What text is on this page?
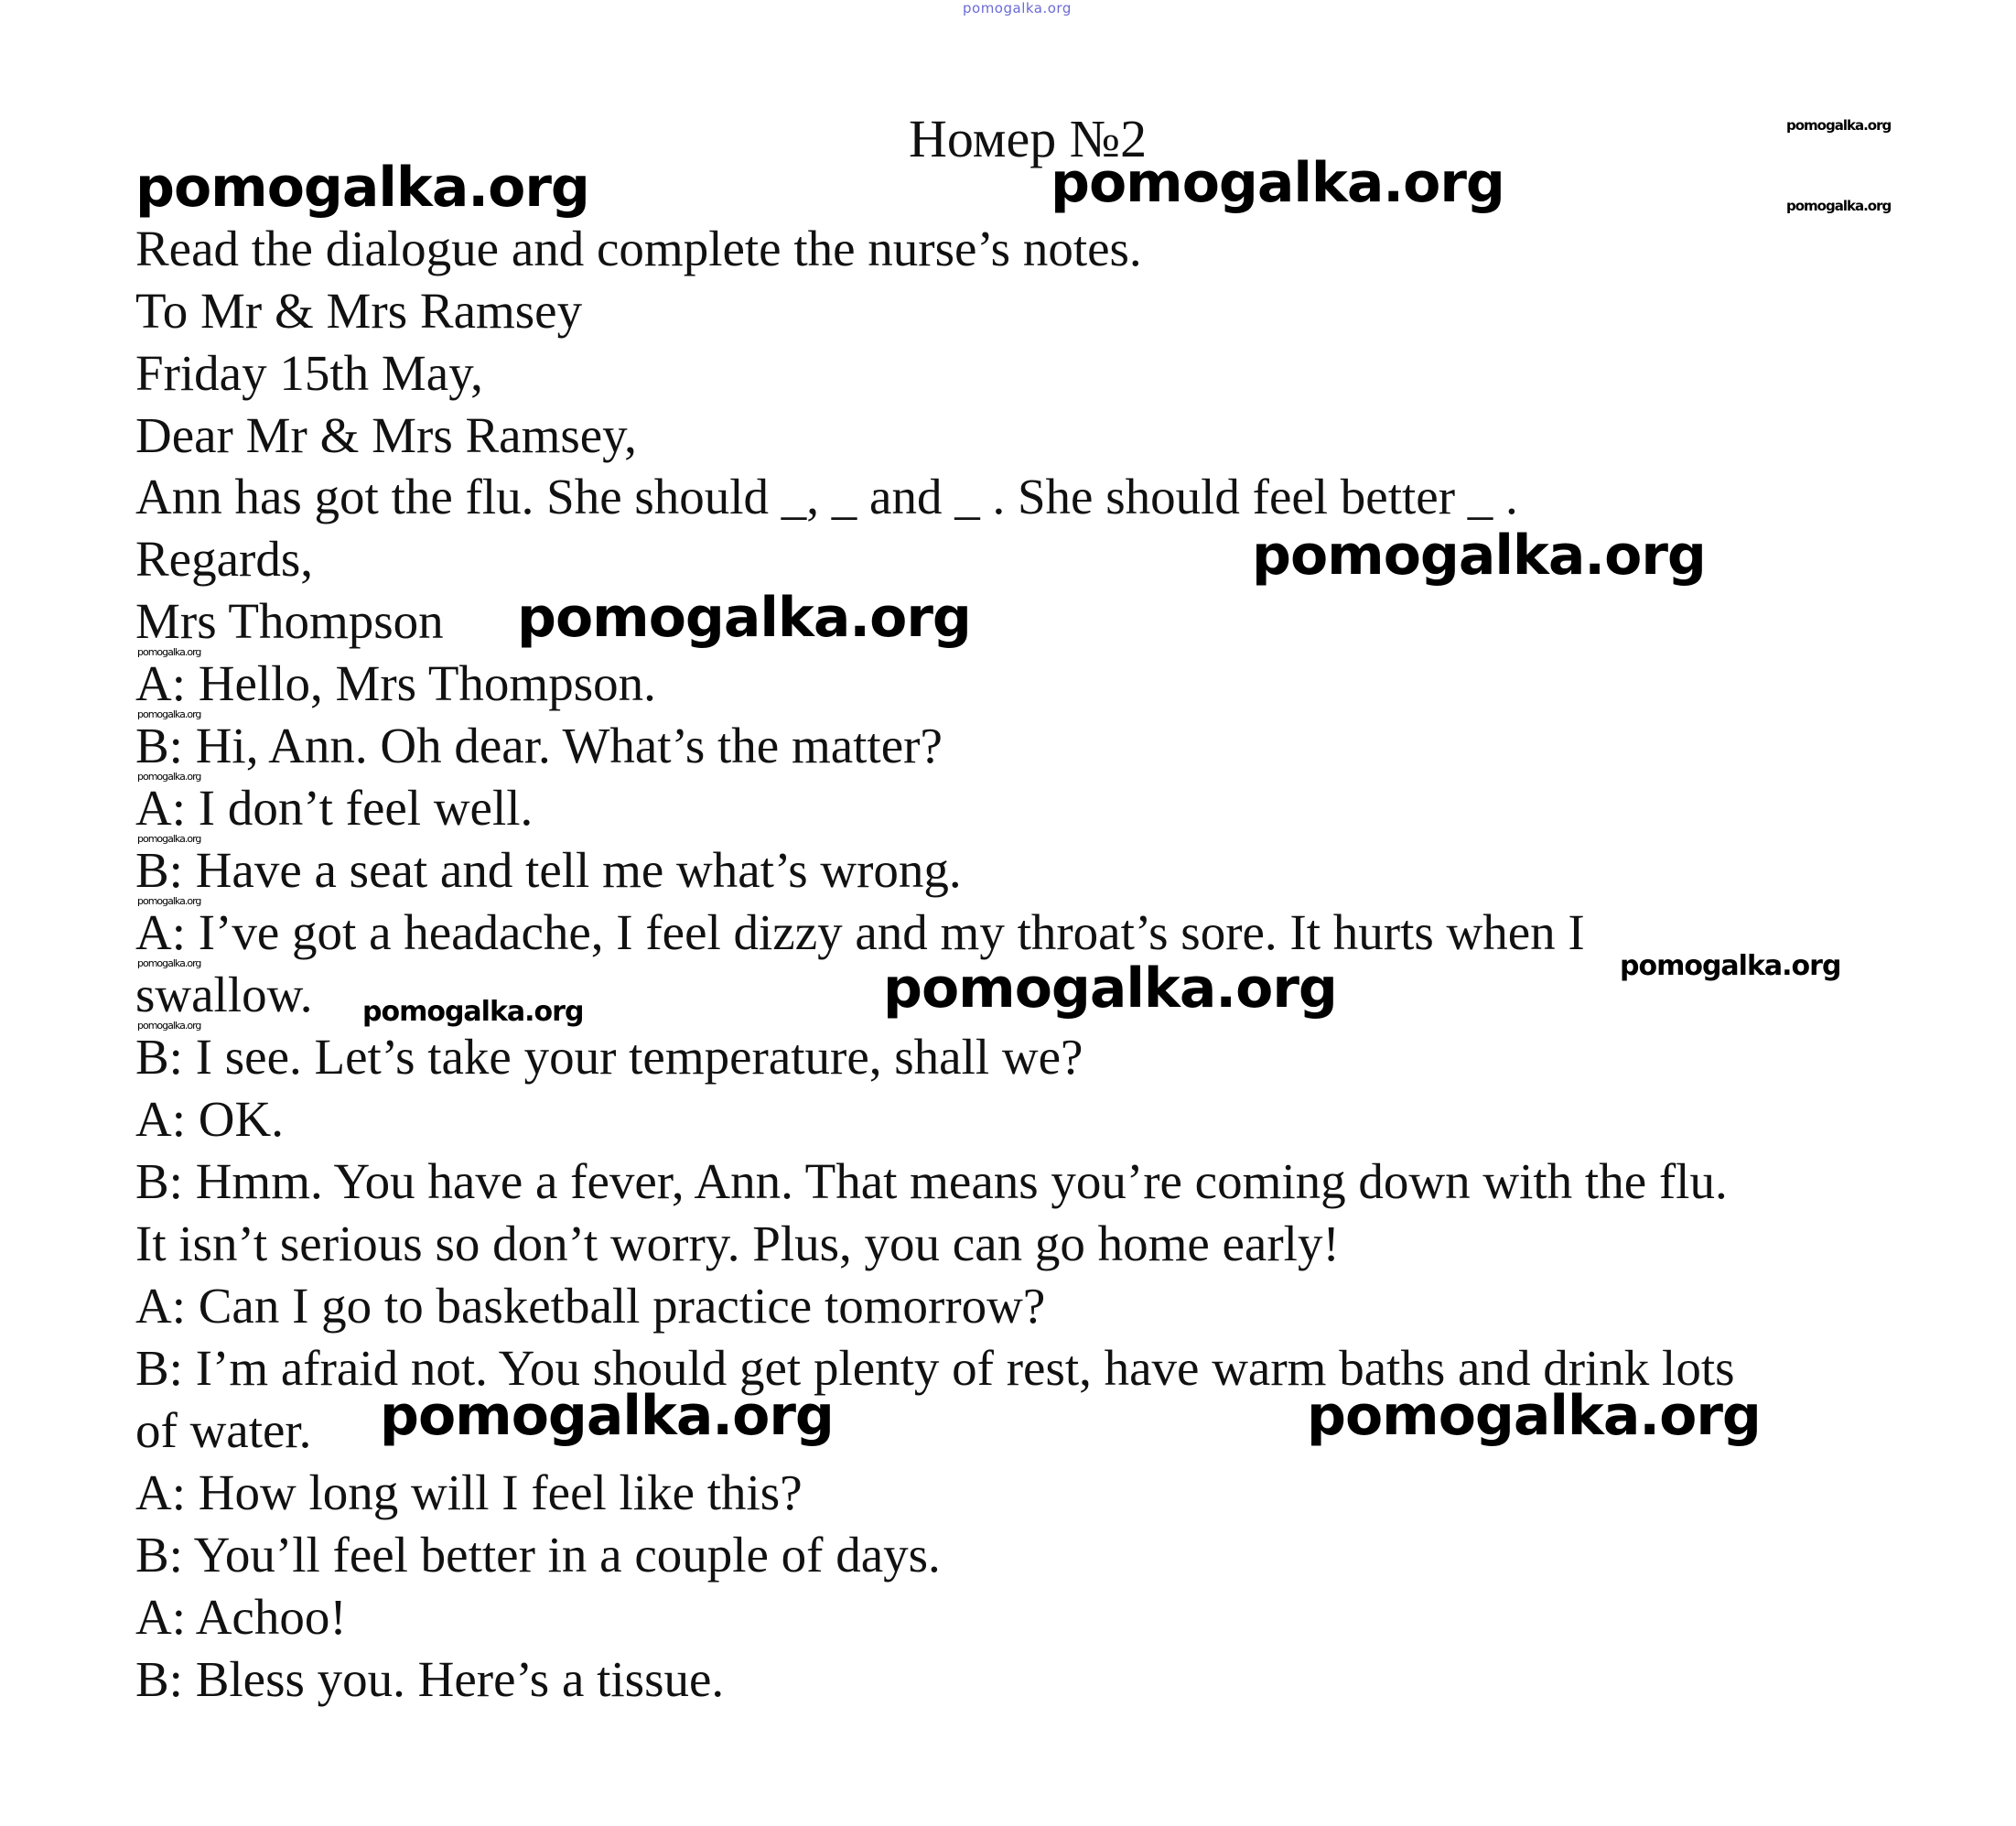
pomogalka.org
Номер №2
Read the dialogue and complete the nurse’s notes.
To Mr & Mrs Ramsey
Friday 15th May,
Dear Mr & Mrs Ramsey,
Ann has got the flu. She should _, _ and _ . She should feel better _ .
Regards,
Mrs Thompson
A: Hello, Mrs Thompson.
B: Hi, Ann. Oh dear. What’s the matter?
A: I don’t feel well.
B: Have a seat and tell me what’s wrong.
A: I’ve got a headache, I feel dizzy and my throat’s sore. It hurts when I
swallow.
B: I see. Let’s take your temperature, shall we?
A: OK.
B: Hmm. You have a fever, Ann. That means you’re coming down with the flu.
It isn’t serious so don’t worry. Plus, you can go home early!
A: Can I go to basketball practice tomorrow?
B: I’m afraid not. You should get plenty of rest, have warm baths and drink lots
of water.
A: How long will I feel like this?
B: You’ll feel better in a couple of days.
A: Achoo!
B: Bless you. Here’s a tissue.
pomogalka.org	pomogalka.org
pomogalka.org
pomogalka.org
pomogalka.org
pomogalka.org	pomogalka.org
pomogalka.org
pomogalka.org
pomogalka.org
pomogalka.org
pomogalka.org
pomogalka.org
pomogalka.org
pomogalka.org
pomogalka.org
pomogalka.org
pomogalka.org
